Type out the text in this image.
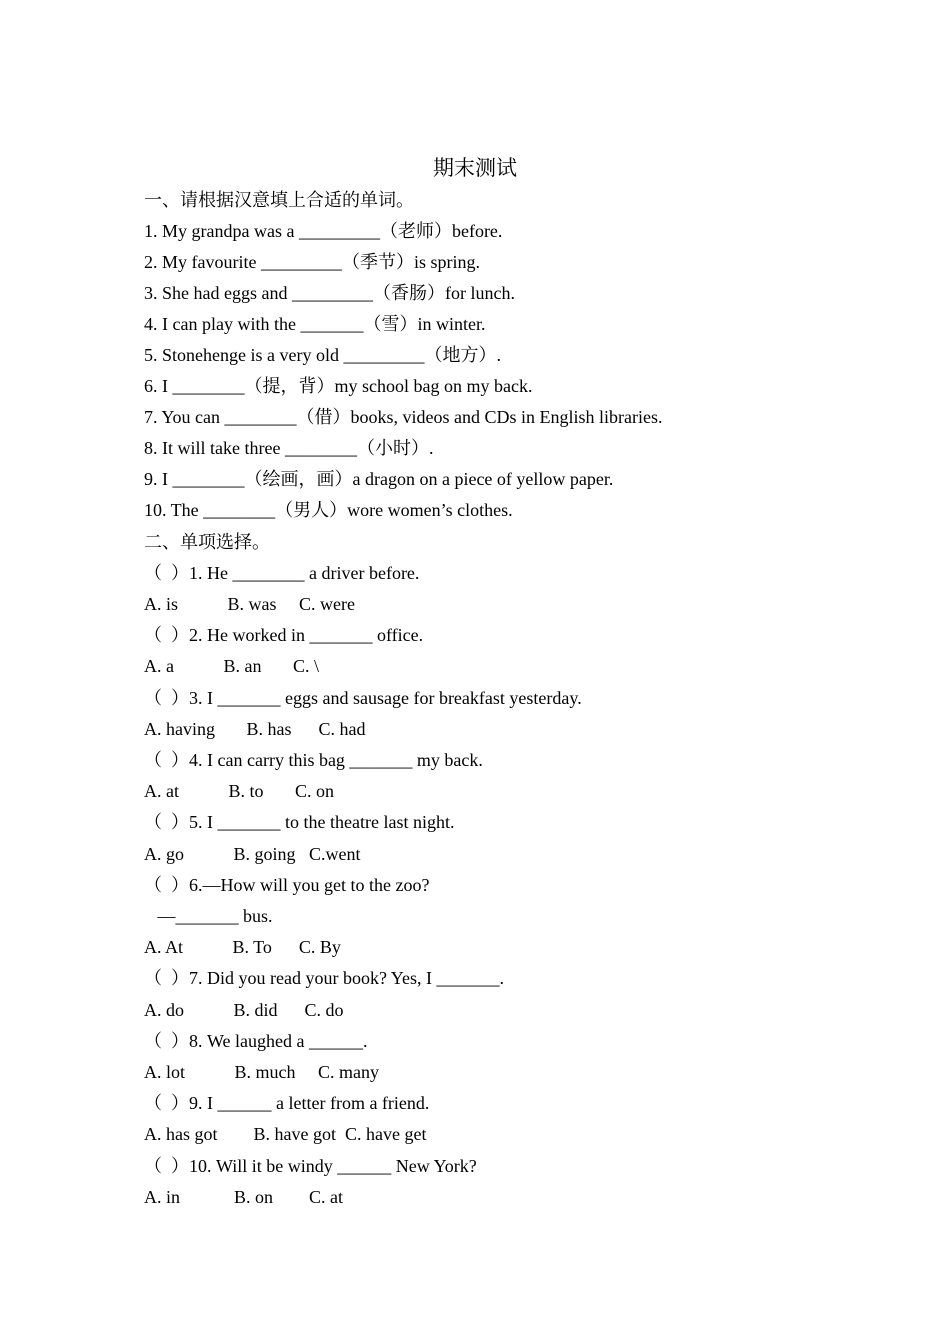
期末测试
一、请根据汉意填上合适的单词。
1. My grandpa was a _________（老师）before.
2. My favourite _________（季节）is spring.
3. She had eggs and _________（香肠）for lunch.
4. I can play with the _______（雪）in winter.
5. Stonehenge is a very old _________（地方）.
6. I ________（提，背）my school bag on my back.
7. You can ________（借）books, videos and CDs in English libraries.
8. It will take three ________（小时）.
9. I ________（绘画，画）a dragon on a piece of yellow paper.
10. The ________（男人）wore women’s clothes.
二、单项选择。
（  ）1. He ________ a driver before.
A. is           B. was     C. were
（  ）2. He worked in _______ office.
A. a           B. an       C. \
（  ）3. I _______ eggs and sausage for breakfast yesterday.
A. having       B. has      C. had
（  ）4. I can carry this bag _______ my back.
A. at           B. to       C. on
（  ）5. I _______ to the theatre last night.
A. go           B. going   C.went
（  ）6.—How will you get to the zoo?
—_______ bus.
A. At           B. To      C. By
（  ）7. Did you read your book? Yes, I _______.
A. do           B. did      C. do
（  ）8. We laughed a ______.
A. lot           B. much     C. many
（  ）9. I ______ a letter from a friend.
A. has got        B. have got  C. have get
（  ）10. Will it be windy ______ New York?
A. in            B. on        C. at
